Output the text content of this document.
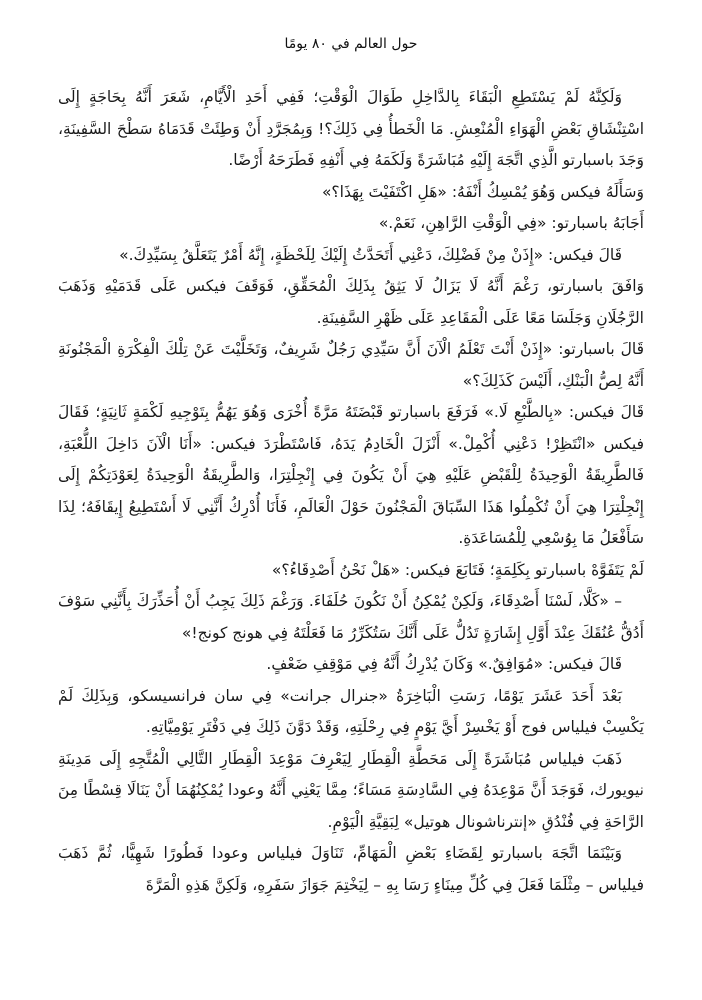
حول العالم في ٨٠ يومًا

وَلَكِنَّهُ لَمْ يَسْتَطِعِ الْبَقَاءَ بِالدَّاخِلِ طَوَالَ الْوَقْتِ؛ فَفِي أَحَدِ الْأَيَّامِ، شَعَرَ أَنَّهُ بِحَاجَةٍ إِلَى اسْتِنْشَاقِ بَعْضِ الْهَوَاءِ الْمُنْعِشِ. مَا الْخَطأُ فِي ذَلِكَ؟! وَبِمُجَرَّدِ أَنْ وَطِئَتْ قَدَمَاهُ سَطْحَ السَّفِينَةِ، وَجَدَ باسبارتو الَّذِي اتَّجَهَ إِلَيْهِ مُبَاشَرَةً وَلَكَمَهُ فِي أَنْفِهِ فَطَرَحَهُ أَرْضًا.

وَسَأَلَهُ فيكس وَهُوَ يُمْسِكُ أَنْفَهُ: «هَلِ اكْتَفَيْتَ بِهَذَا؟»

أَجَابَهُ باسبارتو: «فِي الْوَقْتِ الرَّاهِنِ، نَعَمْ.»

قَالَ فيكس: «إِذَنْ مِنْ فَضْلِكَ، دَعْنِي أَتَحَدَّثُ إِلَيْكَ لِلَحْظَةٍ، إِنَّهُ أَمْرٌ يَتَعَلَّقُ بِسَيِّدِكَ.»

وَافَقَ باسبارتو، رَغْمَ أَنَّهُ لَا يَزَالُ لَا يَثِقُ بِذَلِكَ الْمُحَقِّقِ، فَوَقَفَ فيكس عَلَى قَدَمَيْهِ وَذَهَبَ الرَّجُلَانِ وَجَلَسَا مَعًا عَلَى الْمَقَاعِدِ عَلَى ظَهْرِ السَّفِينَةِ.

قَالَ باسبارتو: «إِذَنْ أَنْتَ تَعْلَمُ الْآنَ أَنَّ سَيِّدِي رَجُلٌ شَرِيفٌ، وَتَخَلَّيْتَ عَنْ تِلْكَ الْفِكْرَةِ الْمَجْنُونَةِ أَنَّهُ لِصُّ الْبَنْكِ، أَلَيْسَ كَذَلِكَ؟»

قَالَ فيكس: «بِالطَّبْعِ لَا.» فَرَفَعَ باسبارتو قَبْضَتَهُ مَرَّةً أُخْرَى وَهُوَ يَهُمُّ بِتَوْجِيهِ لَكْمَةٍ ثَانِيَةٍ؛ فَقَالَ فيكس «انْتَظِرْ! دَعْنِي أُكْمِلْ.» أَنْزَلَ الْخَادِمُ يَدَهُ، فَاسْتَطْرَدَ فيكس: «أَنَا الْآنَ دَاخِلَ اللُّعْبَةِ، فَالطَّرِيقَةُ الْوَحِيدَةُ لِلْقَبْضِ عَلَيْهِ هِيَ أَنْ يَكُونَ فِي إِنْجِلْتِرَا، وَالطَّرِيقَةُ الْوَحِيدَةُ لِعَوْدَتِكُمْ إِلَى إِنْجِلْتِرَا هِيَ أَنْ تُكْمِلُوا هَذَا السِّبَاقَ الْمَجْنُونَ حَوْلَ الْعَالَمِ، فَأَنَا أُدْرِكُ أَنَّنِي لَا أَسْتَطِيعُ إِيقَافَهُ؛ لِذَا سَأَفْعَلُ مَا بِوُسْعِي لِلْمُسَاعَدَةِ.

لَمْ يَتَفَوَّهْ باسبارتو بِكَلِمَةٍ؛ فَتَابَعَ فيكس: «هَلْ نَحْنُ أَصْدِقَاءُ؟»

– «كَلَّا، لَسْنَا أَصْدِقَاءَ، وَلَكِنْ يُمْكِنُ أَنْ نَكُونَ حُلَفَاءَ. وَرَغْمَ ذَلِكَ يَجِبُ أَنْ أُحَذِّرَكَ بِأَنَّنِي سَوْفَ أَدُقُّ عُنُقَكَ عِنْدَ أَوَّلِ إِشَارَةٍ تَدُلُّ عَلَى أَنَّكَ سَتُكَرِّرُ مَا فَعَلْتَهُ فِي هونج كونج!»

قَالَ فيكس: «مُوَافِقٌ.» وَكَانَ يُدْرِكُ أَنَّهُ فِي مَوْقِفِ ضَعْفٍ.

بَعْدَ أَحَدَ عَشَرَ يَوْمًا، رَسَتِ الْبَاخِرَةُ «جنرال جرانت» فِي سان فرانسيسكو، وَبِذَلِكَ لَمْ يَكْسِبْ فيلياس فوج أَوْ يَخْسِرْ أَيَّ يَوْمٍ فِي رِحْلَتِهِ، وَقَدْ دَوَّنَ ذَلِكَ فِي دَفْتَرِ يَوْمِيَّاتِهِ.

ذَهَبَ فيلياس مُبَاشَرَةً إِلَى مَحَطَّةِ الْقِطَارِ لِيَعْرِفَ مَوْعِدَ الْقِطَارِ التَّالِي الْمُتَّجِهِ إِلَى مَدِينَةِ نيويورك، فَوَجَدَ أَنَّ مَوْعِدَهُ فِي السَّادِسَةِ مَسَاءً؛ مِمَّا يَعْنِي أَنَّهُ وعودا يُمْكِنُهُمَا أَنْ يَنَالَا قِسْطًا مِنَ الرَّاحَةِ فِي فُنْدُقِ «إنترناشونال هوتيل» لِبَقِيَّةِ الْيَوْمِ.

وَبَيْنَمَا اتَّجَهَ باسبارتو لِقَضَاءِ بَعْضِ الْمَهَامِّ، تَنَاوَلَ فيلياس وعودا فَطُورًا شَهِيًّا، ثُمَّ ذَهَبَ فيلياس – مِثْلَمَا فَعَلَ فِي كُلِّ مِينَاءٍ رَسَا بِهِ – لِيَخْتِمَ جَوَازَ سَفَرِهِ، وَلَكِنَّ هَذِهِ الْمَرَّةَ
